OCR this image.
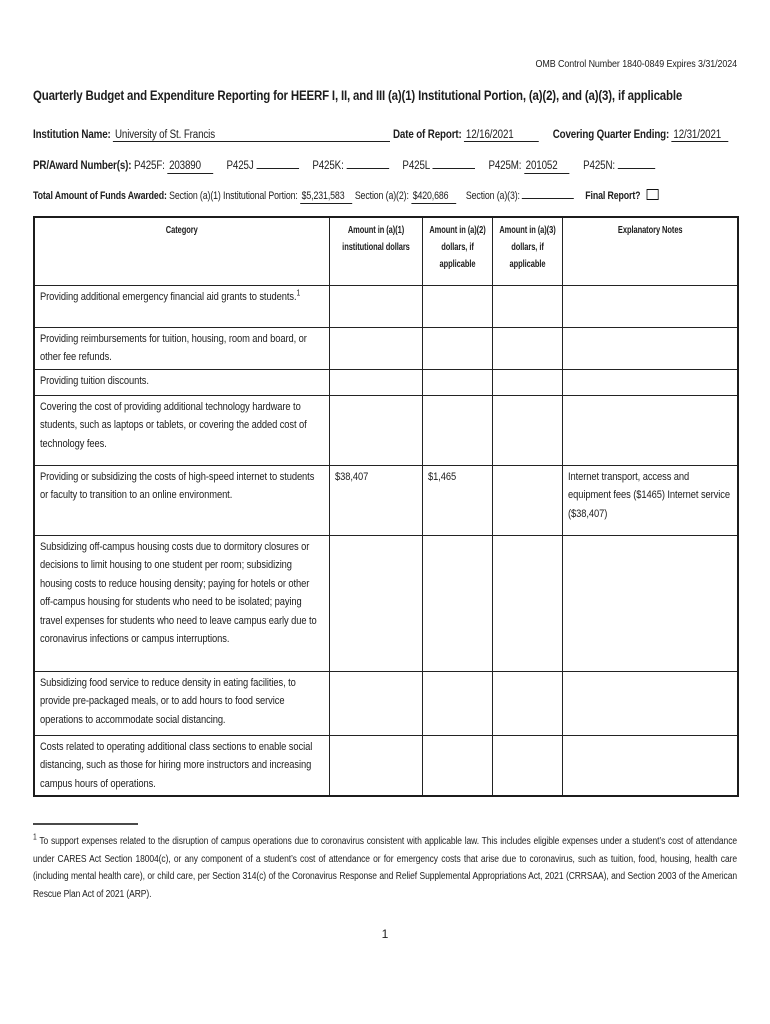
OMB Control Number 1840-0849 Expires 3/31/2024
Quarterly Budget and Expenditure Reporting for HEERF I, II, and III (a)(1) Institutional Portion, (a)(2), and (a)(3), if applicable
Institution Name: University of St. Francis	Date of Report: 12/16/2021	Covering Quarter Ending: 12/31/2021
PR/Award Number(s): P425F: 203890 P425J	P425K:	P425L	P425M: 201052 P425N:
Total Amount of Funds Awarded: Section (a)(1) Institutional Portion: $5,231,583 Section (a)(2): $420,686 Section (a)(3):	Final Report?
Category	Amount in (a)(1) institutional dollars	Amount in (a)(2) dollars, if applicable	Amount in (a)(3) dollars, if applicable	Explanatory Notes

Providing additional emergency financial aid grants to students.$^1$

Providing reimbursements for tuition, housing, room and board, or other fee refunds.				

Providing tuition discounts.				

Covering the cost of providing additional technology hardware to students, such as laptops or tablets, or covering the added cost of technology fees.				

Providing or subsidizing the costs of high-speed internet to students or faculty to transition to an online environment.	$38,407	$1,465		Internet transport, access and equipment fees ($1465) Internet service ($38,407)

Subsidizing off-campus housing costs due to dormitory closures or decisions to limit housing to one student per room; subsidizing housing costs to reduce housing density; paying for hotels or other off-campus housing for students who need to be isolated; paying travel expenses for students who need to leave campus early due to coronavirus infections or campus interruptions.				

Subsidizing food service to reduce density in eating facilities, to provide pre-packaged meals, or to add hours to food service operations to accommodate social distancing.				

Costs related to operating additional class sections to enable social distancing, such as those for hiring more instructors and increasing campus hours of operations.				

$^1$ To support expenses related to the disruption of campus operations due to coronavirus consistent with applicable law. This includes eligible expenses under a student’s cost of attendance under CARES Act Section 18004(c), or any component of a student’s cost of attendance or for emergency costs that arise due to coronavirus, such as tuition, food, housing, health care (including mental health care), or child care, per Section 314(c) of the Coronavirus Response and Relief Supplemental Appropriations Act, 2021 (CRRSAA), and Section 2003 of the American Rescue Plan Act of 2021 (ARP).
1
